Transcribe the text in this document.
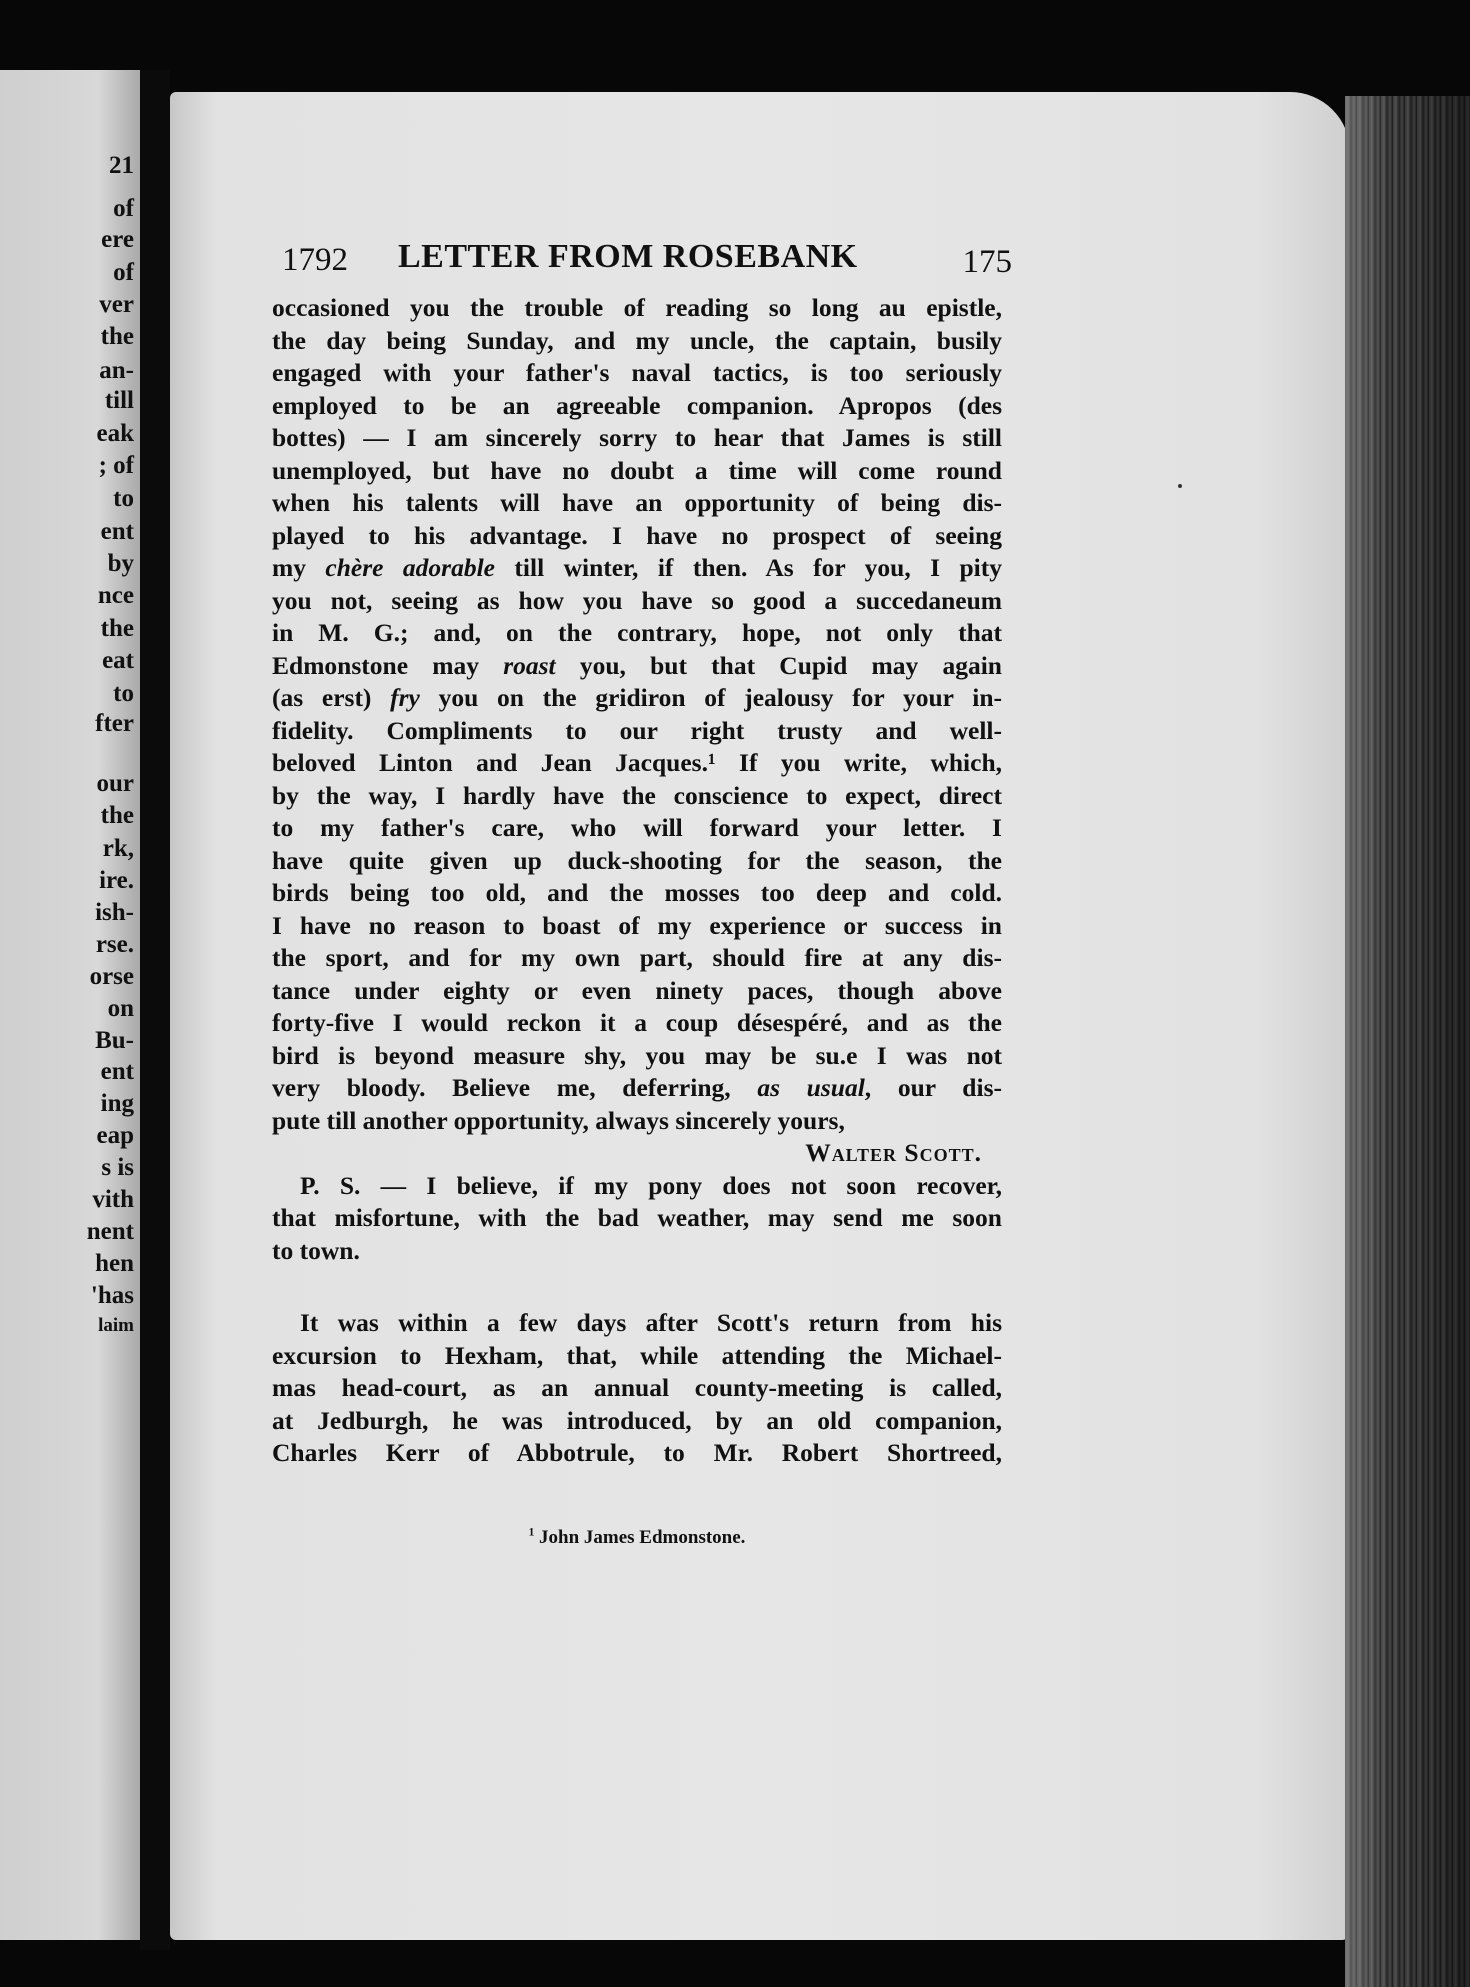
21
of
ere
of
ver
the
an-
till
eak
; of
to
ent
by
nce
the
eat
to
fter
our
the
rk,
ire.
ish-
rse.
orse
on
Bu-
ent
ing
eap
s is
vith
nent
hen
'has
laim
1792 LETTER FROM ROSEBANK	175
occasioned you the trouble of reading so long au epistle,
the day being Sunday, and my uncle, the captain, busily
engaged with your father's naval tactics, is too seriously
employed to be an agreeable companion. Apropos (des
bottes) — I am sincerely sorry to hear that James is still
unemployed, but have no doubt a time will come round
when his talents will have an opportunity of being dis-
played to his advantage. I have no prospect of seeing
my chère adorable till winter, if then. As for you, I pity
you not, seeing as how you have so good a succedaneum
in M. G.; and, on the contrary, hope, not only that
Edmonstone may roast you, but that Cupid may again
(as erst) fry you on the gridiron of jealousy for your in-
fidelity. Compliments to our right trusty and well-
beloved Linton and Jean Jacques.¹ If you write, which,
by the way, I hardly have the conscience to expect, direct
to my father's care, who will forward your letter. I
have quite given up duck-shooting for the season, the
birds being too old, and the mosses too deep and cold.
I have no reason to boast of my experience or success in
the sport, and for my own part, should fire at any dis-
tance under eighty or even ninety paces, though above
forty-five I would reckon it a coup désespéré, and as the
bird is beyond measure shy, you may be su.e I was not
very bloody. Believe me, deferring, as usual, our dis-
pute till another opportunity, always sincerely yours,
Walter Scott.
P. S. — I believe, if my pony does not soon recover,
that misfortune, with the bad weather, may send me soon
to town.
It was within a few days after Scott's return from his
excursion to Hexham, that, while attending the Michael-
mas head-court, as an annual county-meeting is called,
at Jedburgh, he was introduced, by an old companion,
Charles Kerr of Abbotrule, to Mr. Robert Shortreed,
$^1$ John James Edmonstone.
